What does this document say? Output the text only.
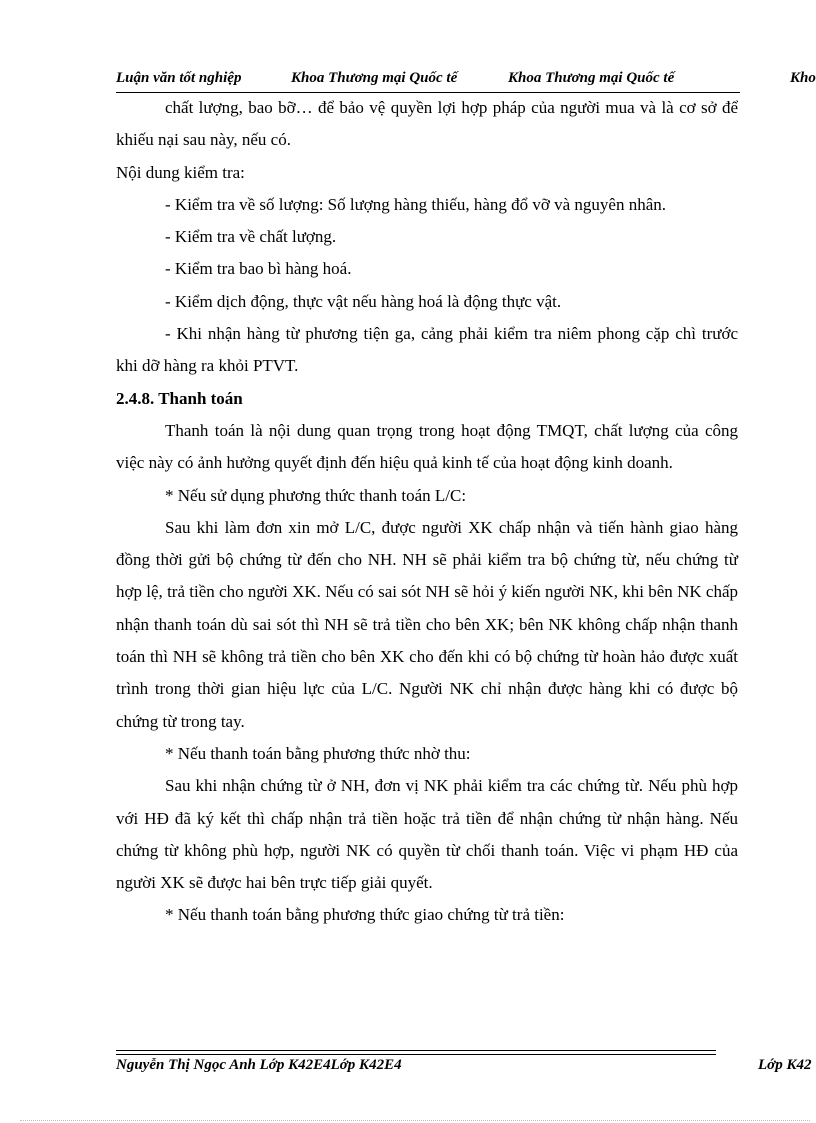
Luận văn tốt nghiệp	Khoa Thương mại Quốc tế	Khoa Thương mại Quốc tế	Kho

chất lượng, bao bỡ… để bảo vệ quyền lợi hợp pháp của người mua và là cơ sở để khiếu nại sau này, nếu có.

Nội dung kiểm tra:

- Kiểm tra về số lượng: Số lượng hàng thiếu, hàng đổ vỡ và nguyên nhân.

- Kiểm tra về chất lượng.

- Kiểm tra bao bì hàng hoá.

- Kiểm dịch động, thực vật nếu hàng hoá là động thực vật.

- Khi nhận hàng từ phương tiện ga, cảng phải kiểm tra niêm phong cặp chì trước khi dỡ hàng ra khỏi PTVT.

2.4.8. Thanh toán

Thanh toán là nội dung quan trọng trong hoạt động TMQT, chất lượng của công việc này có ảnh hưởng quyết định đến hiệu quả kinh tế của hoạt động kinh doanh.

* Nếu sử dụng phương thức thanh toán L/C:

Sau khi làm đơn xin mở L/C, được người XK chấp nhận và tiến hành giao hàng đồng thời gửi bộ chứng từ đến cho NH. NH sẽ phải kiểm tra bộ chứng từ, nếu chứng từ hợp lệ, trả tiền cho người XK. Nếu có sai sót NH sẽ hỏi ý kiến người NK, khi bên NK chấp nhận thanh toán dù sai sót thì NH sẽ trả tiền cho bên XK; bên NK không chấp nhận thanh toán thì NH sẽ không trả tiền cho bên XK cho đến khi có bộ chứng từ hoàn hảo được xuất trình trong thời gian hiệu lực của L/C. Người NK chỉ nhận được hàng khi có được bộ chứng từ trong tay.

* Nếu thanh toán bằng phương thức nhờ thu:

Sau khi nhận chứng từ ở NH, đơn vị NK phải kiểm tra các chứng từ. Nếu phù hợp với HĐ đã ký kết thì chấp nhận trả tiền hoặc trả tiền để nhận chứng từ nhận hàng. Nếu chứng từ không phù hợp, người NK có quyền từ chối thanh toán. Việc vi phạm HĐ của người XK sẽ được hai bên trực tiếp giải quyết.

* Nếu thanh toán bằng phương thức giao chứng từ trả tiền:

Nguyễn Thị Ngọc Anh Lớp K42E4Lớp K42E4	Lớp K42
